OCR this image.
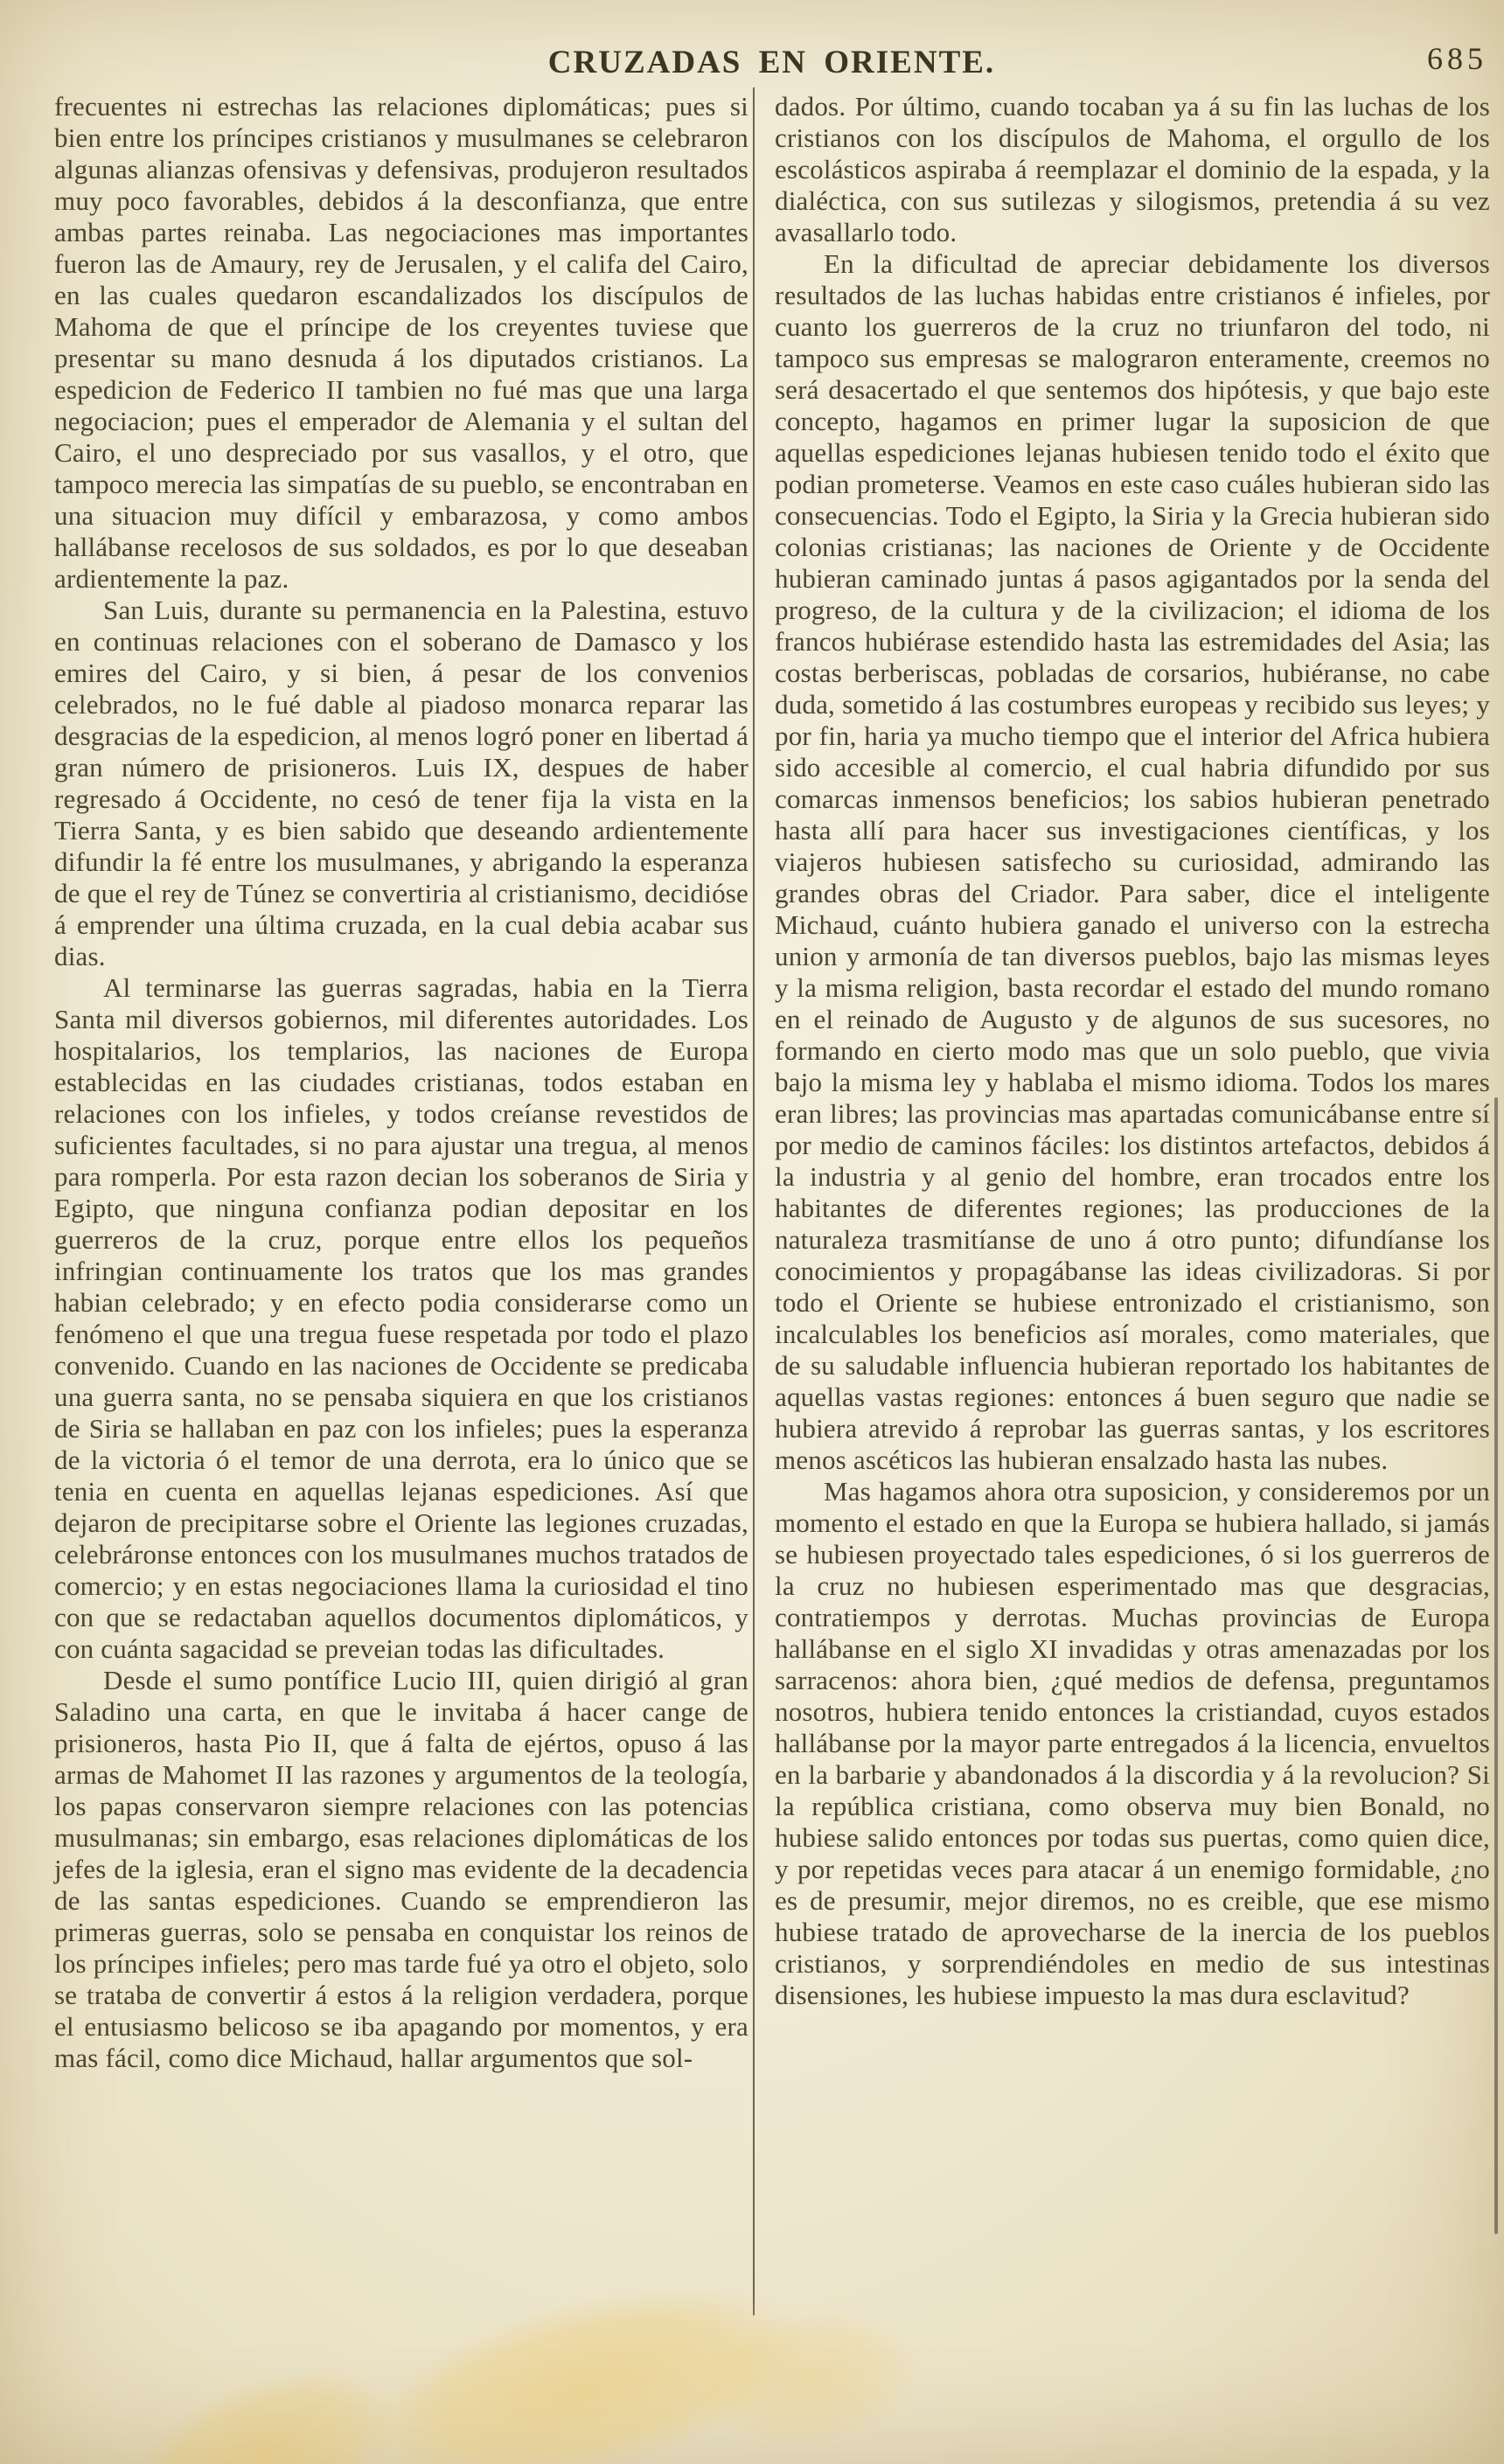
CRUZADAS EN ORIENTE.	685

frecuentes ni estrechas las relaciones diplomáticas; pues si bien entre los príncipes cristianos y musulmanes se celebraron algunas alianzas ofensivas y defensivas, produjeron resultados muy poco favorables, debidos á la desconfianza, que entre ambas partes reinaba. Las negociaciones mas importantes fueron las de Amaury, rey de Jerusalen, y el califa del Cairo, en las cuales quedaron escandalizados los discípulos de Mahoma de que el príncipe de los creyentes tuviese que presentar su mano desnuda á los diputados cristianos. La espedicion de Federico II tambien no fué mas que una larga negociacion; pues el emperador de Alemania y el sultan del Cairo, el uno despreciado por sus vasallos, y el otro, que tampoco merecia las simpatías de su pueblo, se encontraban en una situacion muy difícil y embarazosa, y como ambos hallábanse recelosos de sus soldados, es por lo que deseaban ardientemente la paz.

San Luis, durante su permanencia en la Palestina, estuvo en continuas relaciones con el soberano de Damasco y los emires del Cairo, y si bien, á pesar de los convenios celebrados, no le fué dable al piadoso monarca reparar las desgracias de la espedicion, al menos logró poner en libertad á gran número de prisioneros. Luis IX, despues de haber regresado á Occidente, no cesó de tener fija la vista en la Tierra Santa, y es bien sabido que deseando ardientemente difundir la fé entre los musulmanes, y abrigando la esperanza de que el rey de Túnez se convertiria al cristianismo, decidióse á emprender una última cruzada, en la cual debia acabar sus dias.

Al terminarse las guerras sagradas, habia en la Tierra Santa mil diversos gobiernos, mil diferentes autoridades. Los hospitalarios, los templarios, las naciones de Europa establecidas en las ciudades cristianas, todos estaban en relaciones con los infieles, y todos creíanse revestidos de suficientes facultades, si no para ajustar una tregua, al menos para romperla. Por esta razon decian los soberanos de Siria y Egipto, que ninguna confianza podian depositar en los guerreros de la cruz, porque entre ellos los pequeños infringian continuamente los tratos que los mas grandes habian celebrado; y en efecto podia considerarse como un fenómeno el que una tregua fuese respetada por todo el plazo convenido. Cuando en las naciones de Occidente se predicaba una guerra santa, no se pensaba siquiera en que los cristianos de Siria se hallaban en paz con los infieles; pues la esperanza de la victoria ó el temor de una derrota, era lo único que se tenia en cuenta en aquellas lejanas espediciones. Así que dejaron de precipitarse sobre el Oriente las legiones cruzadas, celebráronse entonces con los musulmanes muchos tratados de comercio; y en estas negociaciones llama la curiosidad el tino con que se redactaban aquellos documentos diplomáticos, y con cuánta sagacidad se preveian todas las dificultades.

Desde el sumo pontífice Lucio III, quien dirigió al gran Saladino una carta, en que le invitaba á hacer cange de prisioneros, hasta Pio II, que á falta de ejértos, opuso á las armas de Mahomet II las razones y argumentos de la teología, los papas conservaron siempre relaciones con las potencias musulmanas; sin embargo, esas relaciones diplomáticas de los jefes de la iglesia, eran el signo mas evidente de la decadencia de las santas espediciones. Cuando se emprendieron las primeras guerras, solo se pensaba en conquistar los reinos de los príncipes infieles; pero mas tarde fué ya otro el objeto, solo se trataba de convertir á estos á la religion verdadera, porque el entusiasmo belicoso se iba apagando por momentos, y era mas fácil, como dice Michaud, hallar argumentos que sol-

dados. Por último, cuando tocaban ya á su fin las luchas de los cristianos con los discípulos de Mahoma, el orgullo de los escolásticos aspiraba á reemplazar el dominio de la espada, y la dialéctica, con sus sutilezas y silogismos, pretendia á su vez avasallarlo todo.

En la dificultad de apreciar debidamente los diversos resultados de las luchas habidas entre cristianos é infieles, por cuanto los guerreros de la cruz no triunfaron del todo, ni tampoco sus empresas se malograron enteramente, creemos no será desacertado el que sentemos dos hipótesis, y que bajo este concepto, hagamos en primer lugar la suposicion de que aquellas espediciones lejanas hubiesen tenido todo el éxito que podian prometerse. Veamos en este caso cuáles hubieran sido las consecuencias. Todo el Egipto, la Siria y la Grecia hubieran sido colonias cristianas; las naciones de Oriente y de Occidente hubieran caminado juntas á pasos agigantados por la senda del progreso, de la cultura y de la civilizacion; el idioma de los francos hubiérase estendido hasta las estremidades del Asia; las costas berberiscas, pobladas de corsarios, hubiéranse, no cabe duda, sometido á las costumbres europeas y recibido sus leyes; y por fin, haria ya mucho tiempo que el interior del Africa hubiera sido accesible al comercio, el cual habria difundido por sus comarcas inmensos beneficios; los sabios hubieran penetrado hasta allí para hacer sus investigaciones científicas, y los viajeros hubiesen satisfecho su curiosidad, admirando las grandes obras del Criador. Para saber, dice el inteligente Michaud, cuánto hubiera ganado el universo con la estrecha union y armonía de tan diversos pueblos, bajo las mismas leyes y la misma religion, basta recordar el estado del mundo romano en el reinado de Augusto y de algunos de sus sucesores, no formando en cierto modo mas que un solo pueblo, que vivia bajo la misma ley y hablaba el mismo idioma. Todos los mares eran libres; las provincias mas apartadas comunicábanse entre sí por medio de caminos fáciles: los distintos artefactos, debidos á la industria y al genio del hombre, eran trocados entre los habitantes de diferentes regiones; las producciones de la naturaleza trasmitíanse de uno á otro punto; difundíanse los conocimientos y propagábanse las ideas civilizadoras. Si por todo el Oriente se hubiese entronizado el cristianismo, son incalculables los beneficios así morales, como materiales, que de su saludable influencia hubieran reportado los habitantes de aquellas vastas regiones: entonces á buen seguro que nadie se hubiera atrevido á reprobar las guerras santas, y los escritores menos ascéticos las hubieran ensalzado hasta las nubes.

Mas hagamos ahora otra suposicion, y consideremos por un momento el estado en que la Europa se hubiera hallado, si jamás se hubiesen proyectado tales espediciones, ó si los guerreros de la cruz no hubiesen esperimentado mas que desgracias, contratiempos y derrotas. Muchas provincias de Europa hallábanse en el siglo XI invadidas y otras amenazadas por los sarracenos: ahora bien, ¿qué medios de defensa, preguntamos nosotros, hubiera tenido entonces la cristiandad, cuyos estados hallábanse por la mayor parte entregados á la licencia, envueltos en la barbarie y abandonados á la discordia y á la revolucion? Si la república cristiana, como observa muy bien Bonald, no hubiese salido entonces por todas sus puertas, como quien dice, y por repetidas veces para atacar á un enemigo formidable, ¿no es de presumir, mejor diremos, no es creible, que ese mismo hubiese tratado de aprovecharse de la inercia de los pueblos cristianos, y sorprendiéndoles en medio de sus intestinas disensiones, les hubiese impuesto la mas dura esclavitud?
